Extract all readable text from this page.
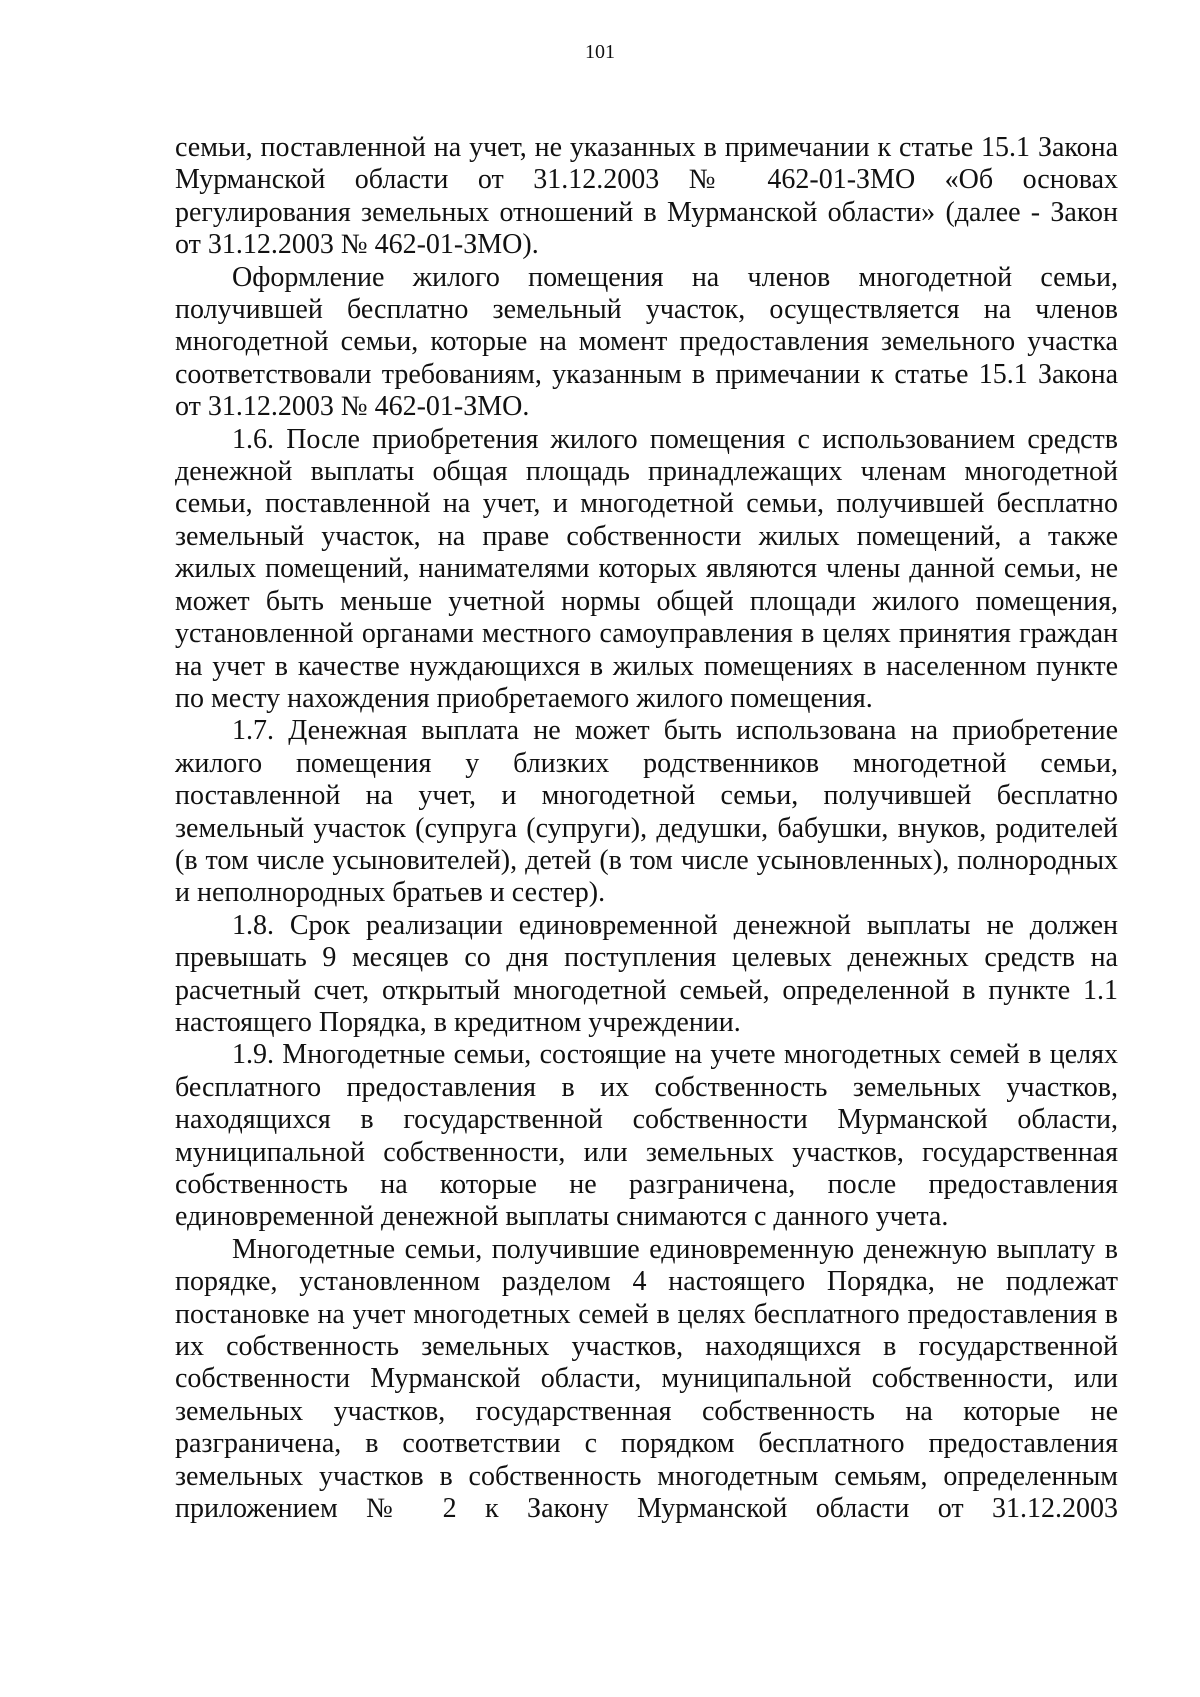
101

семьи, поставленной на учет, не указанных в примечании к статье 15.1 Закона Мурманской области от 31.12.2003 № 462-01-ЗМО «Об основах регулирования земельных отношений в Мурманской области» (далее - Закон от 31.12.2003 № 462-01-ЗМО).

Оформление жилого помещения на членов многодетной семьи, получившей бесплатно земельный участок, осуществляется на членов многодетной семьи, которые на момент предоставления земельного участка соответствовали требованиям, указанным в примечании к статье 15.1 Закона от 31.12.2003 № 462-01-ЗМО.

1.6. После приобретения жилого помещения с использованием средств денежной выплаты общая площадь принадлежащих членам многодетной семьи, поставленной на учет, и многодетной семьи, получившей бесплатно земельный участок, на праве собственности жилых помещений, а также жилых помещений, нанимателями которых являются члены данной семьи, не может быть меньше учетной нормы общей площади жилого помещения, установленной органами местного самоуправления в целях принятия граждан на учет в качестве нуждающихся в жилых помещениях в населенном пункте по месту нахождения приобретаемого жилого помещения.

1.7. Денежная выплата не может быть использована на приобретение жилого помещения у близких родственников многодетной семьи, поставленной на учет, и многодетной семьи, получившей бесплатно земельный участок (супруга (супруги), дедушки, бабушки, внуков, родителей (в том числе усыновителей), детей (в том числе усыновленных), полнородных и неполнородных братьев и сестер).

1.8. Срок реализации единовременной денежной выплаты не должен превышать 9 месяцев со дня поступления целевых денежных средств на расчетный счет, открытый многодетной семьей, определенной в пункте 1.1 настоящего Порядка, в кредитном учреждении.

1.9. Многодетные семьи, состоящие на учете многодетных семей в целях бесплатного предоставления в их собственность земельных участков, находящихся в государственной собственности Мурманской области, муниципальной собственности, или земельных участков, государственная собственность на которые не разграничена, после предоставления единовременной денежной выплаты снимаются с данного учета.

Многодетные семьи, получившие единовременную денежную выплату в порядке, установленном разделом 4 настоящего Порядка, не подлежат постановке на учет многодетных семей в целях бесплатного предоставления в их собственность земельных участков, находящихся в государственной собственности Мурманской области, муниципальной собственности, или земельных участков, государственная собственность на которые не разграничена, в соответствии с порядком бесплатного предоставления земельных участков в собственность многодетным семьям, определенным приложением № 2 к Закону Мурманской области от 31.12.2003
